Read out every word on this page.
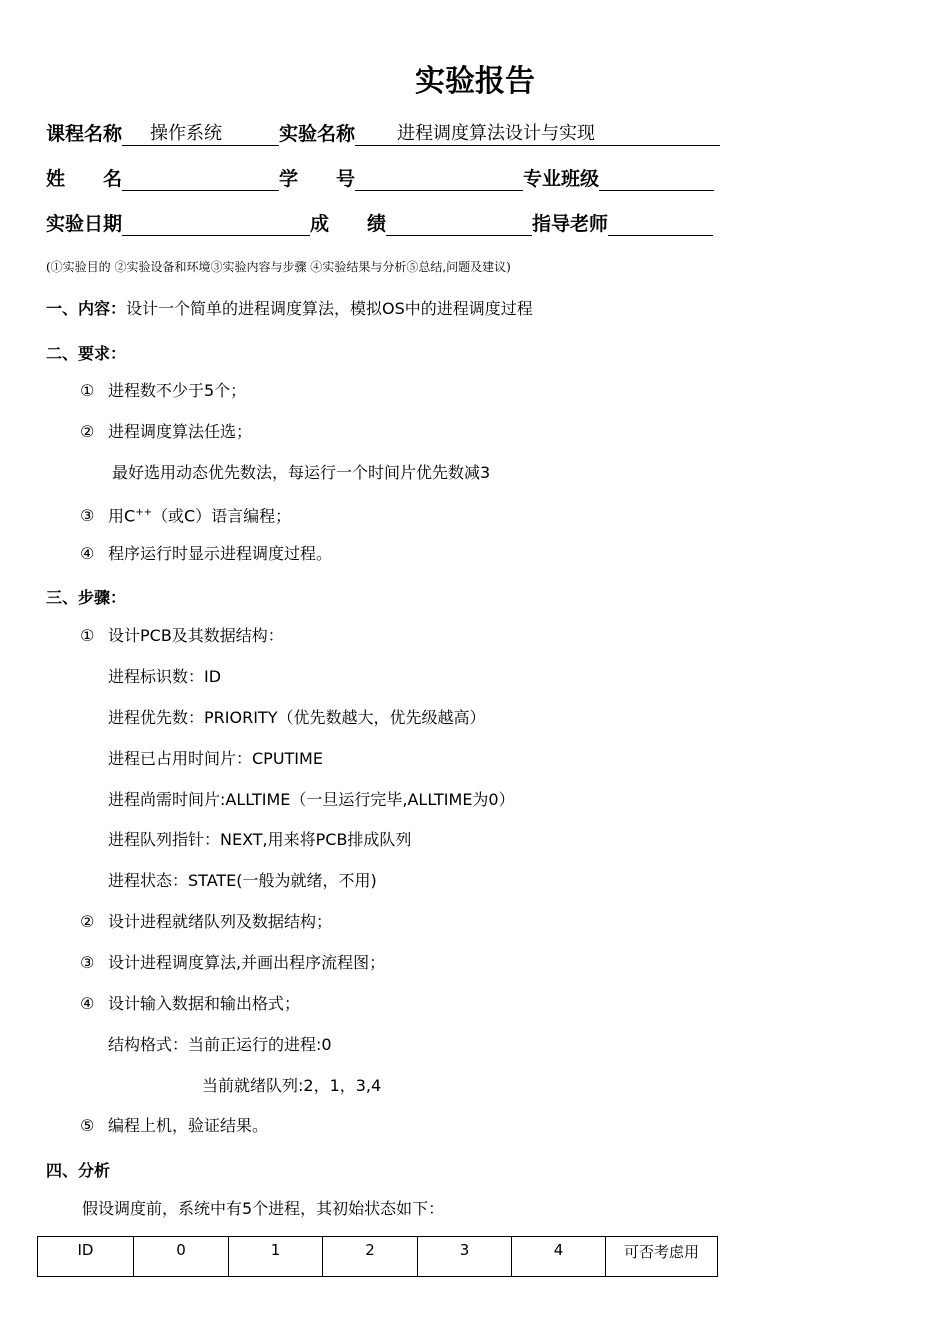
实验报告
课程名称	操作系统	实验名称	进程调度算法设计与实现
姓　　名	学　　号	专业班级
实验日期	成　　绩	指导老师
(①实验目的 ②实验设备和环境③实验内容与步骤 ④实验结果与分析⑤总结,问题及建议)
一、内容：设计一个简单的进程调度算法，模拟OS中的进程调度过程
二、要求：
① 进程数不少于5个；
② 进程调度算法任选；
最好选用动态优先数法，每运行一个时间片优先数减3
③ 用C++（或C）语言编程；
④ 程序运行时显示进程调度过程。
三、步骤：
① 设计PCB及其数据结构：
进程标识数：ID
进程优先数：PRIORITY（优先数越大，优先级越高）
进程已占用时间片：CPUTIME
进程尚需时间片:ALLTIME（一旦运行完毕,ALLTIME为0）
进程队列指针：NEXT,用来将PCB排成队列
进程状态：STATE(一般为就绪，不用)
② 设计进程就绪队列及数据结构；
③ 设计进程调度算法,并画出程序流程图；
④ 设计输入数据和输出格式；
结构格式：当前正运行的进程:0
当前就绪队列:2，1，3,4
⑤ 编程上机，验证结果。
四、分析
假设调度前，系统中有5个进程，其初始状态如下：
ID	0	1	2	3	4	可否考虑用
